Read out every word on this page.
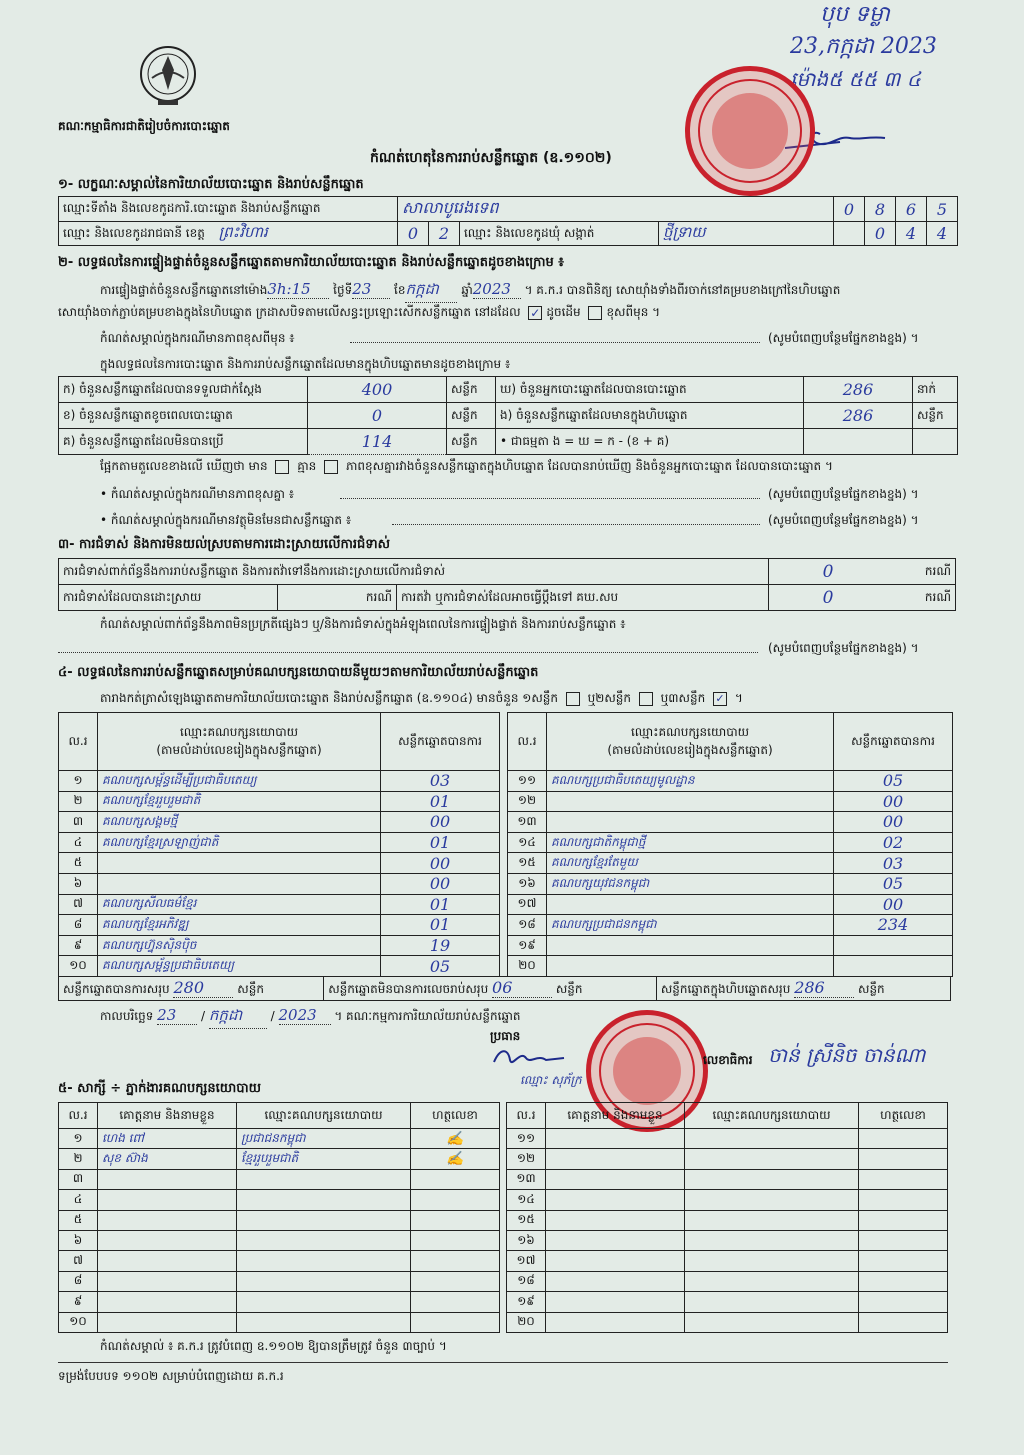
បុប ទម្លា
23,កក្កដា 2023
ម៉ោង៥ ៥៥ ៣ ៤
គណៈកម្មាធិការជាតិរៀបចំការបោះឆ្នោត
កំណត់ហេតុនៃការរាប់សន្លឹកឆ្នោត (ឧ.១១០២)
១- លក្ខណៈសម្គាល់នៃការិយាល័យបោះឆ្នោត និងរាប់សន្លឹកឆ្នោត
ឈ្មោះទីតាំង និងលេខកូដការិ.បោះឆ្នោត និងរាប់សន្លឹកឆ្នោត	សាលាបូរេងទេព				0	8	6	5
ឈ្មោះ និងលេខកូដរាជធានី ខេត្ត ព្រះវិហារ	0	2	ឈ្មោះ និងលេខកូដឃុំ សង្កាត់	ថ្មីទ្រាយ		0	4	4
២- លទ្ធផលនៃការផ្ទៀងផ្ទាត់ចំនួនសន្លឹកឆ្នោតតាមការិយាល័យបោះឆ្នោត និងរាប់សន្លឹកឆ្នោតដូចខាងក្រោម ៖
ការផ្ទៀងផ្ទាត់ចំនួនសន្លឹកឆ្នោតនៅម៉ោង3h:15 ថ្ងៃទី23 ខែកក្កដា ឆ្នាំ2023 ។ គ.ក.រ បានពិនិត្យ សោយ៉ាំងទាំងពីរចាក់នៅគម្របខាងក្រៅនៃហិបឆ្នោត
សោយ៉ាំងចាក់ភ្ជាប់គម្របខាងក្នុងនៃហិបឆ្នោត ក្រដាសបិទតាមលើសន្ធះប្រឡោះសើកសន្លឹកឆ្នោត នៅដដែល ✓ ដូចដើម ខុសពីមុន ។
កំណត់សម្គាល់ក្នុងករណីមានភាពខុសពីមុន ៖	(សូមបំពេញបន្ថែមផ្នែកខាងខ្នង) ។
ក្នុងលទ្ធផលនៃការបោះឆ្នោត និងការរាប់សន្លឹកឆ្នោតដែលមានក្នុងហិបឆ្នោតមានដូចខាងក្រោម ៖
ក) ចំនួនសន្លឹកឆ្នោតដែលបានទទួលជាក់ស្តែង	400	សន្លឹក	ឃ) ចំនួនអ្នកបោះឆ្នោតដែលបានបោះឆ្នោត	286	នាក់
ខ) ចំនួនសន្លឹកឆ្នោតខូចពេលបោះឆ្នោត	0	សន្លឹក	ង) ចំនួនសន្លឹកឆ្នោតដែលមានក្នុងហិបឆ្នោត	286	សន្លឹក
គ) ចំនួនសន្លឹកឆ្នោតដែលមិនបានប្រើ	114	សន្លឹក	• ជាធម្មតា ង = ឃ = ក - (ខ + គ)		
ផ្អែកតាមតួលេខខាងលើ ឃើញថា មាន គ្មាន ភាពខុសគ្នារវាងចំនួនសន្លឹកឆ្នោតក្នុងហិបឆ្នោត ដែលបានរាប់ឃើញ និងចំនួនអ្នកបោះឆ្នោត ដែលបានបោះឆ្នោត ។
• កំណត់សម្គាល់ក្នុងករណីមានភាពខុសគ្នា ៖	(សូមបំពេញបន្ថែមផ្នែកខាងខ្នង) ។
• កំណត់សម្គាល់ក្នុងករណីមានវត្ថុមិនមែនជាសន្លឹកឆ្នោត ៖	(សូមបំពេញបន្ថែមផ្នែកខាងខ្នង) ។
៣- ការជំទាស់ និងការមិនយល់ស្របតាមការដោះស្រាយលើការជំទាស់
ការជំទាស់ពាក់ព័ន្ធនឹងការរាប់សន្លឹកឆ្នោត និងការតវ៉ាទៅនឹងការដោះស្រាយលើការជំទាស់			0	ករណី
ការជំទាស់ដែលបានដោះស្រាយ	ករណី	ការតវ៉ា ឬការជំទាស់ដែលអាចធ្វើប្តឹងទៅ គឃ.សប	0	ករណី
កំណត់សម្គាល់ពាក់ព័ន្ធនឹងភាពមិនប្រក្រតីផ្សេងៗ ឬ/និងការជំទាស់ក្នុងអំឡុងពេលនៃការផ្ទៀងផ្ទាត់ និងការរាប់សន្លឹកឆ្នោត ៖
(សូមបំពេញបន្ថែមផ្នែកខាងខ្នង) ។
៤- លទ្ធផលនៃការរាប់សន្លឹកឆ្នោតសម្រាប់គណបក្សនយោបាយនីមួយៗតាមការិយាល័យរាប់សន្លឹកឆ្នោត
តារាងកត់ត្រាសំឡេងឆ្នោតតាមការិយាល័យបោះឆ្នោត និងរាប់សន្លឹកឆ្នោត (ឧ.១១០៤) មានចំនួន ១សន្លឹក ឬ២សន្លឹក ឬ៣សន្លឹក ✓ ។
ល.រ	ឈ្មោះគណបក្សនយោបាយ
(តាមលំដាប់លេខរៀងក្នុងសន្លឹកឆ្នោត)	សន្លឹកឆ្នោតបានការ
១	គណបក្សសម្ព័ន្ធដើម្បីប្រជាធិបតេយ្យ	03
២	គណបក្សខ្មែររួបរួមជាតិ	01
៣	គណបក្សសង្គមថ្មី	00
៤	គណបក្សខ្មែរស្រឡាញ់ជាតិ	01
៥		00
៦		00
៧	គណបក្សសីលធម៌ខ្មែរ	01
៨	គណបក្សខ្មែរអភិវឌ្ឍ	01
៩	គណបក្សហ្វ៊ុនស៊ិនប៉ិច	19
១០	គណបក្សសម្ព័ន្ធប្រជាធិបតេយ្យ	05
ល.រ	ឈ្មោះគណបក្សនយោបាយ
(តាមលំដាប់លេខរៀងក្នុងសន្លឹកឆ្នោត)	សន្លឹកឆ្នោតបានការ
១១	គណបក្សប្រជាធិបតេយ្យមូលដ្ឋាន	05
១២		00
១៣		00
១៤	គណបក្សជាតិកម្ពុជាថ្មី	02
១៥	គណបក្សខ្មែរតែមួយ	03
១៦	គណបក្សយុវជនកម្ពុជា	05
១៧		00
១៨	គណបក្សប្រជាជនកម្ពុជា	234
១៩		
២០		
សន្លឹកឆ្នោតបានការសរុប 280	សន្លឹក	សន្លឹកឆ្នោតមិនបានការលេចរាប់សរុប 06	សន្លឹក	សន្លឹកឆ្នោតក្នុងហិបឆ្នោតសរុប 286	សន្លឹក
កាលបរិច្ឆេទ 23 / កក្កដា / 2023 ។ គណៈកម្មការការិយាល័យរាប់សន្លឹកឆ្នោត
ប្រធាន
ឈ្មោះ សុភ័ក្រ
លេខាធិការ ចាន់ ស្រីនិច ចាន់ណា
៥- សាក្សី ÷ ភ្នាក់ងារគណបក្សនយោបាយ
ល.រ	គោត្តនាម និងនាមខ្លួន	ឈ្មោះគណបក្សនយោបាយ	ហត្ថលេខា
១	ហេង ពៅ	ប្រជាជនកម្ពុជា	✍
២	សុខ ស៊ាង	ខ្មែររួបរួមជាតិ	✍
៣			
៤			
៥			
៦			
៧			
៨			
៩			
១០			
ល.រ	គោត្តនាម និងនាមខ្លួន	ឈ្មោះគណបក្សនយោបាយ	ហត្ថលេខា
១១			
១២			
១៣			
១៤			
១៥			
១៦			
១៧			
១៨			
១៩			
២០			
កំណត់សម្គាល់ ៖ គ.ក.រ ត្រូវបំពេញ ឧ.១១០២ ឱ្យបានត្រឹមត្រូវ ចំនួន ៣ច្បាប់ ។
ទម្រង់បែបបទ ១១០២ សម្រាប់បំពេញដោយ គ.ក.រ
